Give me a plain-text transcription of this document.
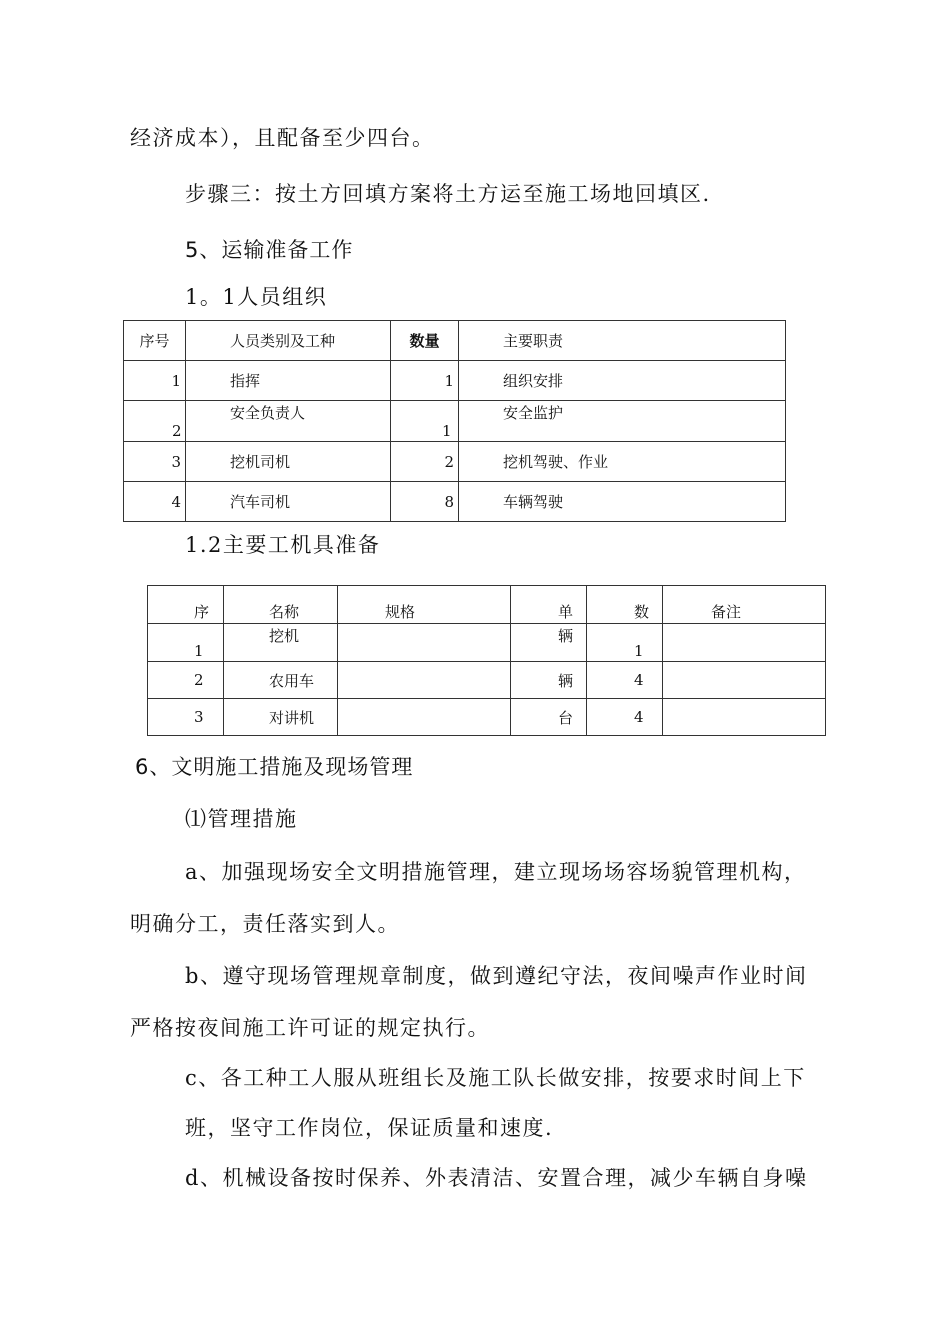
经济成本），且配备至少四台。
步骤三：按土方回填方案将土方运至施工场地回填区.
5、运输准备工作
1。1人员组织
序号	人员类别及工种	数量	主要职责
1	指挥	1	组织安排
2	安全负责人	1	安全监护
3	挖机司机	2	挖机驾驶、作业
4	汽车司机	8	车辆驾驶
1.2主要工机具准备
序	名称	规格	单	数	备注
1	挖机		辆	1	
2	农用车		辆	4	
3	对讲机		台	4	
6、文明施工措施及现场管理
⑴管理措施
a、加强现场安全文明措施管理，建立现场场容场貌管理机构，
明确分工，责任落实到人。
b、遵守现场管理规章制度，做到遵纪守法，夜间噪声作业时间
严格按夜间施工许可证的规定执行。
c、各工种工人服从班组长及施工队长做安排，按要求时间上下
班，坚守工作岗位，保证质量和速度.
d、机械设备按时保养、外表清洁、安置合理，减少车辆自身噪
